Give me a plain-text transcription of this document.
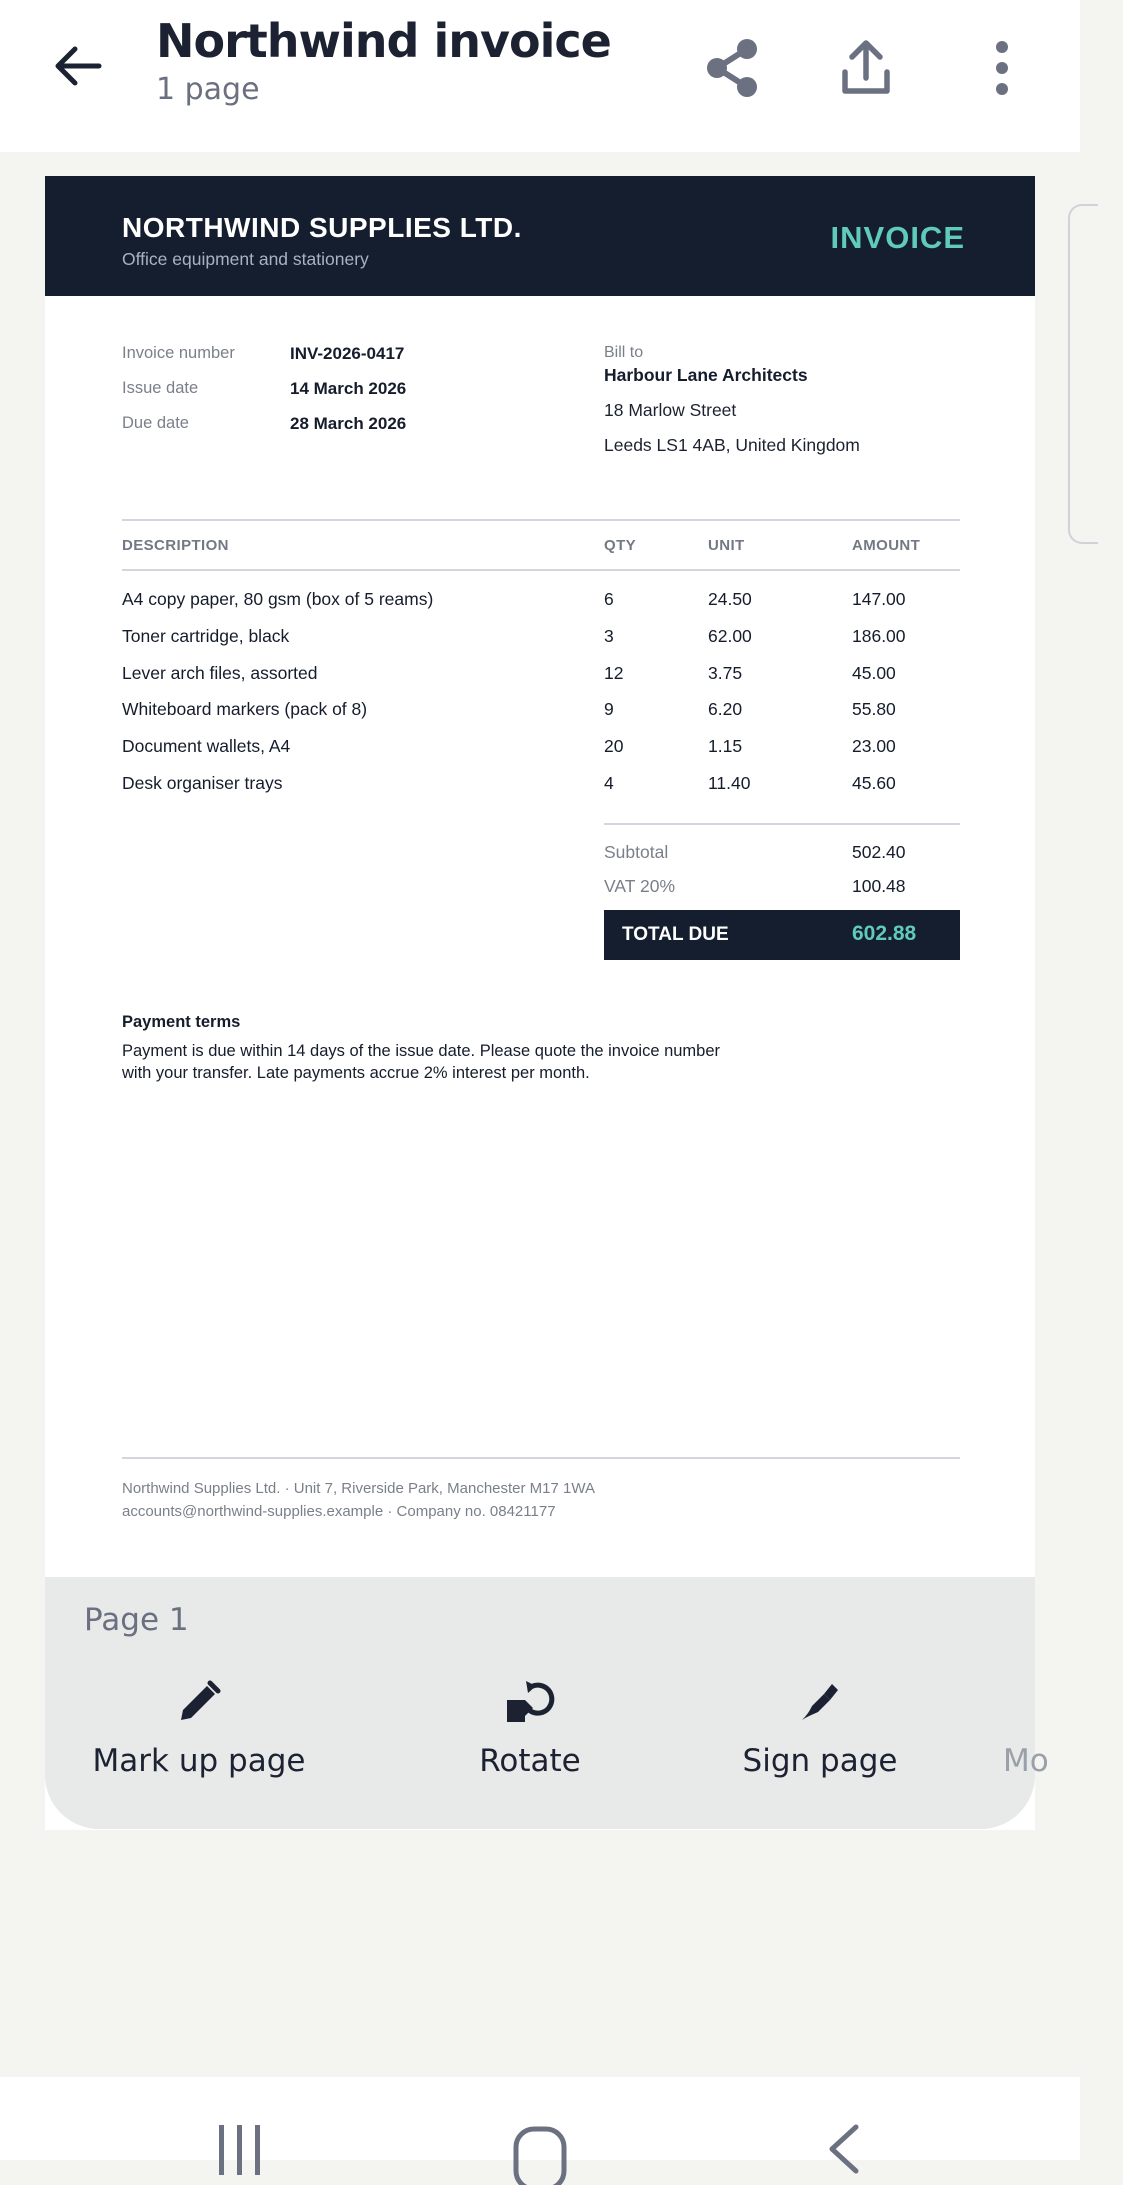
Northwind invoice
1 page
NORTHWIND SUPPLIES LTD.
Office equipment and stationery
INVOICE
Invoice number	INV-2026-0417
Issue date	14 March 2026
Due date	28 March 2026
Bill to
Harbour Lane Architects
18 Marlow Street
Leeds LS1 4AB, United Kingdom
DESCRIPTION	QTY	UNIT	AMOUNT
A4 copy paper, 80 gsm (box of 5 reams)	6	24.50	147.00
Toner cartridge, black	3	62.00	186.00
Lever arch files, assorted	12	3.75	45.00
Whiteboard markers (pack of 8)	9	6.20	55.80
Document wallets, A4	20	1.15	23.00
Desk organiser trays	4	11.40	45.60
Subtotal	502.40
VAT 20%	100.48
TOTAL DUE	602.88
Payment terms
Payment is due within 14 days of the issue date. Please quote the invoice number with your transfer. Late payments accrue 2% interest per month.
Northwind Supplies Ltd. · Unit 7, Riverside Park, Manchester M17 1WA
accounts@northwind-supplies.example · Company no. 08421177
Page 1
Mark up page	Rotate	Sign page	Mo
